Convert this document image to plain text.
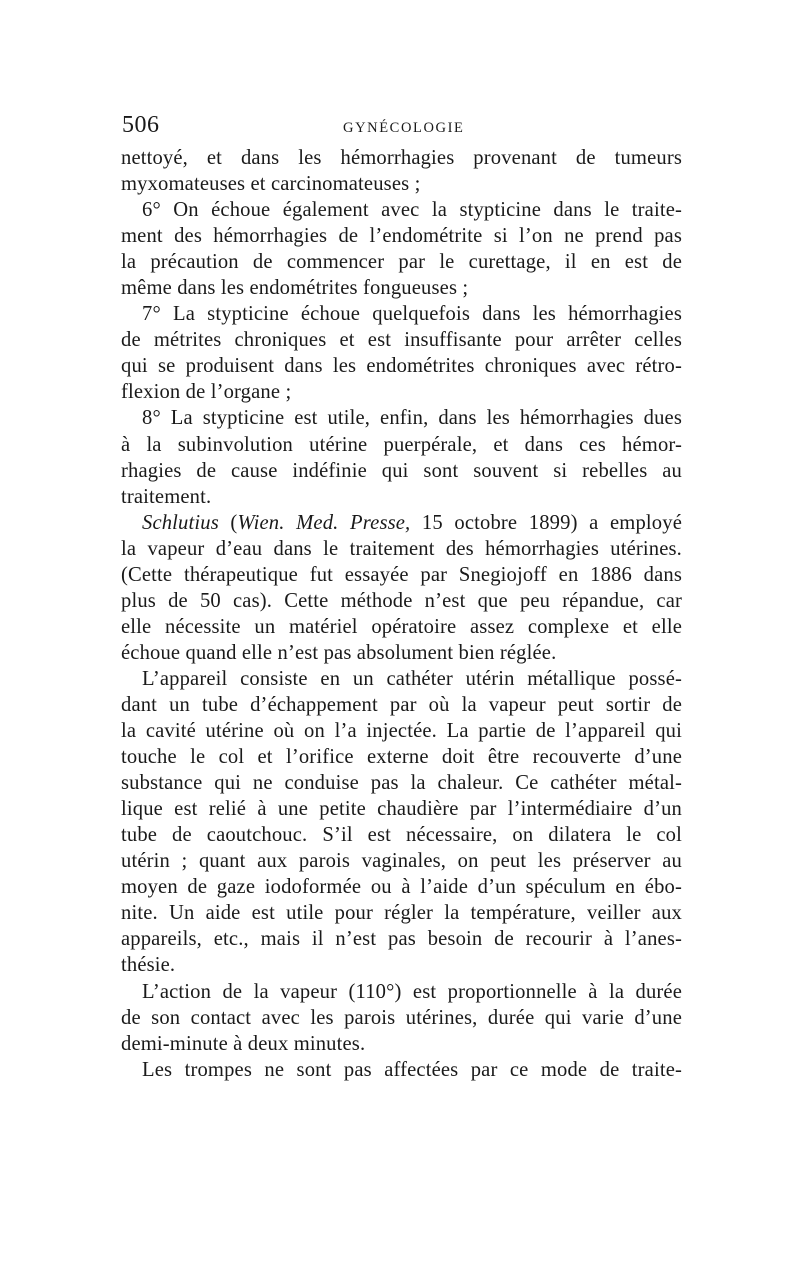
506	GYNÉCOLOGIE
nettoyé, et dans les hémorrhagies provenant de tumeurs
myxomateuses et carcinomateuses ;
6° On échoue également avec la stypticine dans le traite-
ment des hémorrhagies de l’endométrite si l’on ne prend pas
la précaution de commencer par le curettage, il en est de
même dans les endométrites fongueuses ;
7° La stypticine échoue quelquefois dans les hémorrhagies
de métrites chroniques et est insuffisante pour arrêter celles
qui se produisent dans les endométrites chroniques avec rétro-
flexion de l’organe ;
8° La stypticine est utile, enfin, dans les hémorrhagies dues
à la subinvolution utérine puerpérale, et dans ces hémor-
rhagies de cause indéfinie qui sont souvent si rebelles au
traitement.
Schlutius (Wien. Med. Presse, 15 octobre 1899) a employé
la vapeur d’eau dans le traitement des hémorrhagies utérines.
(Cette thérapeutique fut essayée par Snegiojoff en 1886 dans
plus de 50 cas). Cette méthode n’est que peu répandue, car
elle nécessite un matériel opératoire assez complexe et elle
échoue quand elle n’est pas absolument bien réglée.
L’appareil consiste en un cathéter utérin métallique possé-
dant un tube d’échappement par où la vapeur peut sortir de
la cavité utérine où on l’a injectée. La partie de l’appareil qui
touche le col et l’orifice externe doit être recouverte d’une
substance qui ne conduise pas la chaleur. Ce cathéter métal-
lique est relié à une petite chaudière par l’intermédiaire d’un
tube de caoutchouc. S’il est nécessaire, on dilatera le col
utérin ; quant aux parois vaginales, on peut les préserver au
moyen de gaze iodoformée ou à l’aide d’un spéculum en ébo-
nite. Un aide est utile pour régler la température, veiller aux
appareils, etc., mais il n’est pas besoin de recourir à l’anes-
thésie.
L’action de la vapeur (110°) est proportionnelle à la durée
de son contact avec les parois utérines, durée qui varie d’une
demi-minute à deux minutes.
Les trompes ne sont pas affectées par ce mode de traite-
